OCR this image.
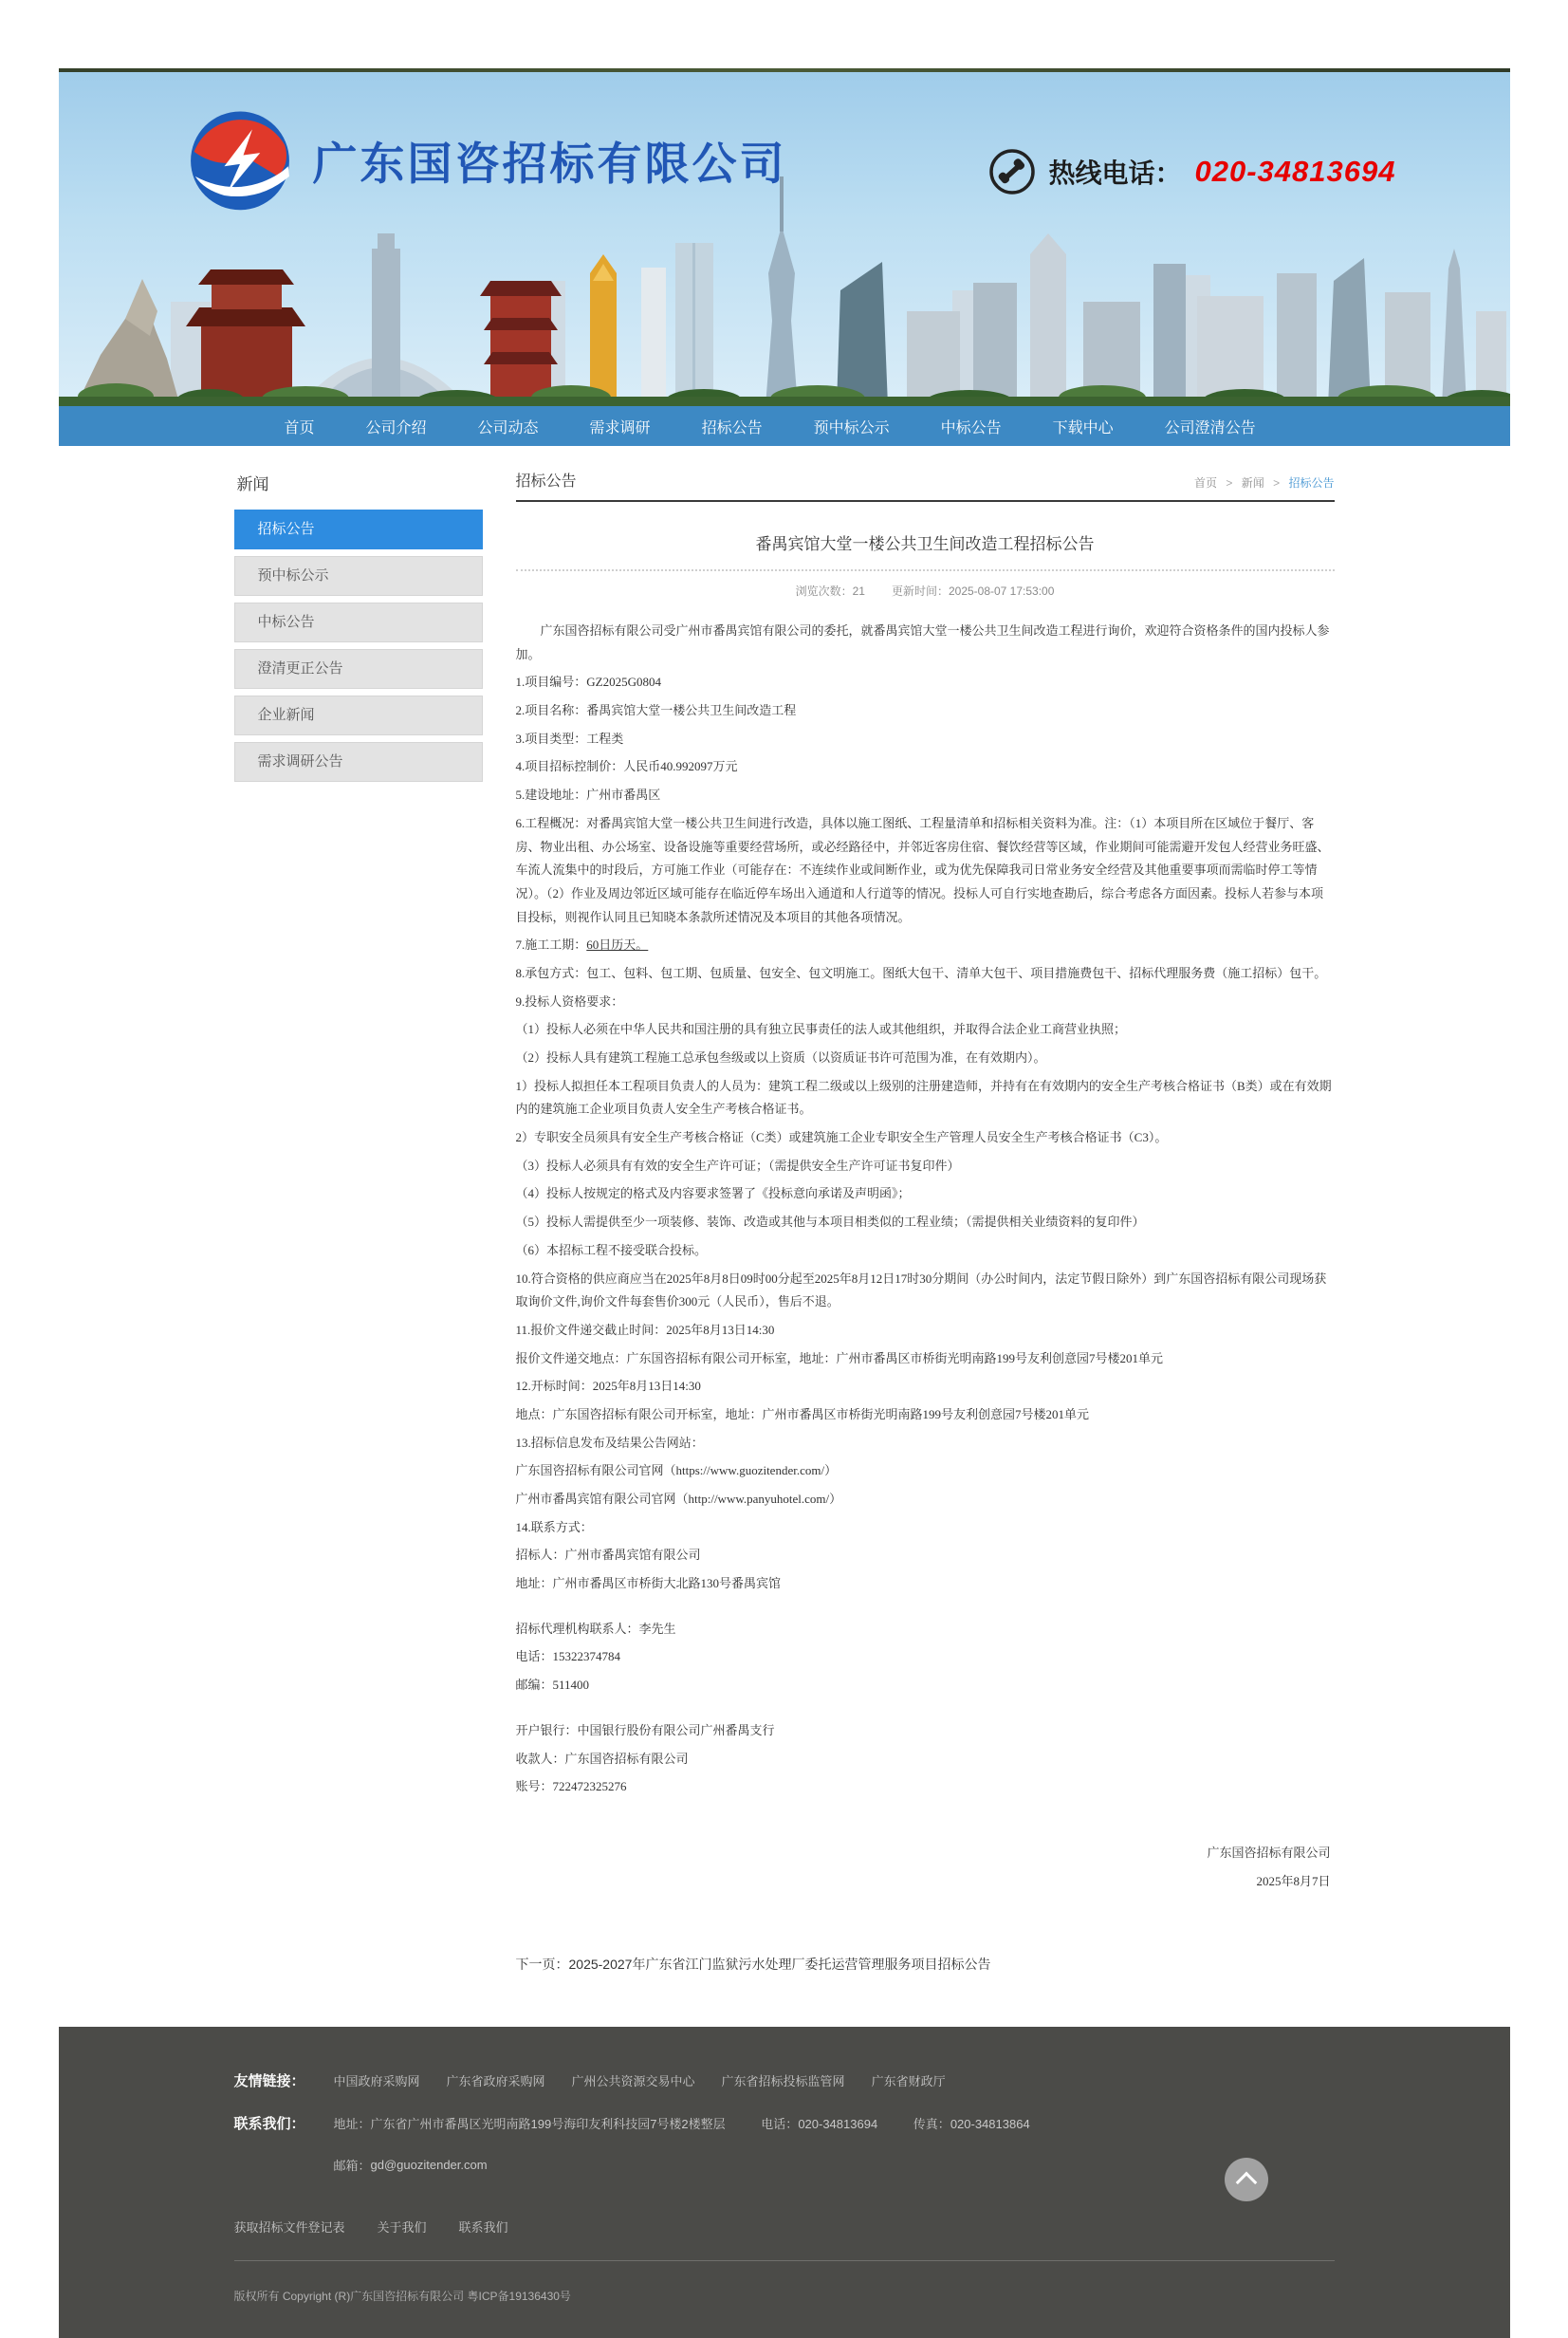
广东国咨招标有限公司	热线电话： 020-34813694
首页	公司介绍	公司动态	需求调研	招标公告	预中标公示	中标公告	下载中心	公司澄清公告
新闻
招标公告
预中标公示
中标公告
澄清更正公告
企业新闻
需求调研公告
招标公告	首页 > 新闻 > 招标公告
番禺宾馆大堂一楼公共卫生间改造工程招标公告
浏览次数：21 更新时间：2025-08-07 17:53:00

广东国咨招标有限公司受广州市番禺宾馆有限公司的委托，就番禺宾馆大堂一楼公共卫生间改造工程进行询价，欢迎符合资格条件的国内投标人参加。

1.项目编号：GZ2025G0804

2.项目名称：番禺宾馆大堂一楼公共卫生间改造工程

3.项目类型：工程类

4.项目招标控制价：人民币40.992097万元

5.建设地址：广州市番禺区

6.工程概况：对番禺宾馆大堂一楼公共卫生间进行改造，具体以施工图纸、工程量清单和招标相关资料为准。注：（1）本项目所在区域位于餐厅、客房、物业出租、办公场室、设备设施等重要经营场所，或必经路径中，并邻近客房住宿、餐饮经营等区域，作业期间可能需避开发包人经营业务旺盛、车流人流集中的时段后，方可施工作业（可能存在：不连续作业或间断作业，或为优先保障我司日常业务安全经营及其他重要事项而需临时停工等情况）。（2）作业及周边邻近区域可能存在临近停车场出入通道和人行道等的情况。投标人可自行实地查勘后，综合考虑各方面因素。投标人若参与本项目投标，则视作认同且已知晓本条款所述情况及本项目的其他各项情况。

7.施工工期：60日历天。

8.承包方式：包工、包料、包工期、包质量、包安全、包文明施工。图纸大包干、清单大包干、项目措施费包干、招标代理服务费（施工招标）包干。

9.投标人资格要求：

（1）投标人必须在中华人民共和国注册的具有独立民事责任的法人或其他组织，并取得合法企业工商营业执照；

（2）投标人具有建筑工程施工总承包叁级或以上资质（以资质证书许可范围为准，在有效期内）。

1）投标人拟担任本工程项目负责人的人员为：建筑工程二级或以上级别的注册建造师，并持有在有效期内的安全生产考核合格证书（B类）或在有效期内的建筑施工企业项目负责人安全生产考核合格证书。

2）专职安全员须具有安全生产考核合格证（C类）或建筑施工企业专职安全生产管理人员安全生产考核合格证书（C3）。

（3）投标人必须具有有效的安全生产许可证；（需提供安全生产许可证书复印件）

（4）投标人按规定的格式及内容要求签署了《投标意向承诺及声明函》；

（5）投标人需提供至少一项装修、装饰、改造或其他与本项目相类似的工程业绩；（需提供相关业绩资料的复印件）

（6）本招标工程不接受联合投标。

10.符合资格的供应商应当在2025年8月8日09时00分起至2025年8月12日17时30分期间（办公时间内，法定节假日除外）到广东国咨招标有限公司现场获取询价文件,询价文件每套售价300元（人民币），售后不退。

11.报价文件递交截止时间：2025年8月13日14:30

报价文件递交地点：广东国咨招标有限公司开标室，地址：广州市番禺区市桥街光明南路199号友利创意园7号楼201单元

12.开标时间：2025年8月13日14:30

地点：广东国咨招标有限公司开标室，地址：广州市番禺区市桥街光明南路199号友利创意园7号楼201单元

13.招标信息发布及结果公告网站：

广东国咨招标有限公司官网（https://www.guozitender.com/）

广州市番禺宾馆有限公司官网（http://www.panyuhotel.com/）

14.联系方式：

招标人：广州市番禺宾馆有限公司

地址：广州市番禺区市桥街大北路130号番禺宾馆

招标代理机构联系人：李先生

电话：15322374784

邮编：511400

开户银行：中国银行股份有限公司广州番禺支行

收款人：广东国咨招标有限公司

账号：722472325276

广东国咨招标有限公司
2025年8月7日
下一页：2025-2027年广东省江门监狱污水处理厂委托运营管理服务项目招标公告
友情链接：	中国政府采购网 广东省政府采购网 广州公共资源交易中心 广东省招标投标监管网 广东省财政厅
联系我们：	地址：广东省广州市番禺区光明南路199号海印友利科技园7号楼2楼整层	电话：020-34813694	传真：020-34813864
邮箱： gd@guozitender.com
获取招标文件登记表	关于我们	联系我们
版权所有 Copyright (R)广东国咨招标有限公司 粤ICP备19136430号
